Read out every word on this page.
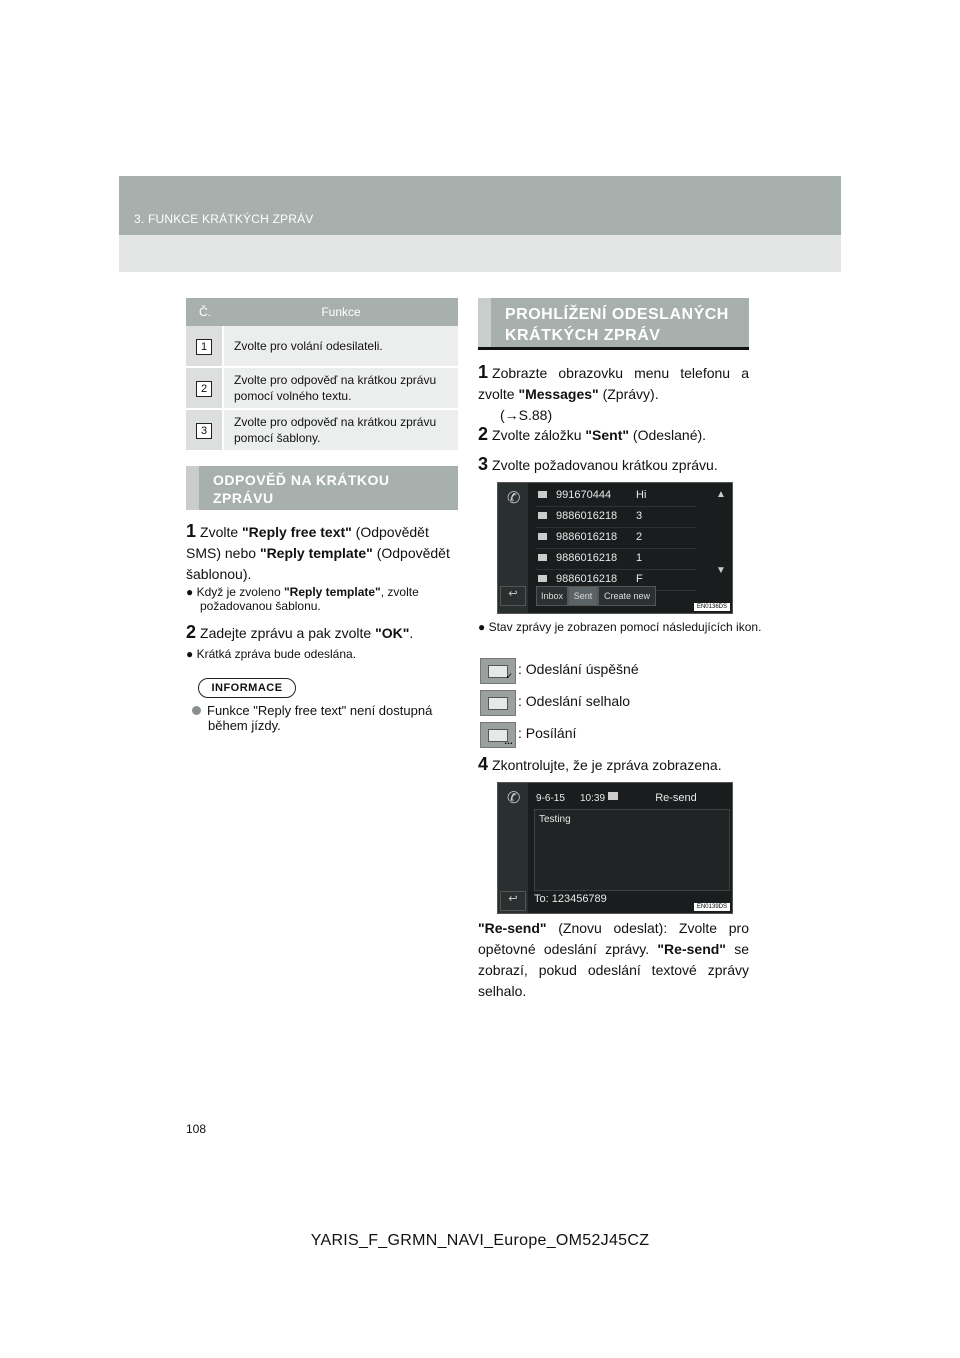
3. FUNKCE KRÁTKÝCH ZPRÁV
Č.	Funkce
1	Zvolte pro volání odesilateli.
2	Zvolte pro odpověď na krátkou zprávu pomocí volného textu.
3	Zvolte pro odpověď na krátkou zprávu pomocí šablony.
ODPOVĚĎ NA KRÁTKOU ZPRÁVU
1 Zvolte "Reply free text" (Odpovědět SMS) nebo "Reply template" (Odpovědět šablonou).
● Když je zvoleno "Reply template", zvolte požadovanou šablonu.
2 Zadejte zprávu a pak zvolte "OK".
● Krátká zpráva bude odeslána.
INFORMACE
Funkce "Reply free text" není dostupná během jízdy.
PROHLÍŽENÍ ODESLANÝCH KRÁTKÝCH ZPRÁV
1 Zobrazte obrazovku menu telefonu a zvolte "Messages" (Zprávy).
(→S.88)
2 Zvolte záložku "Sent" (Odeslané).
3 Zvolte požadovanou krátkou zprávu.
✆	991670444 Hi
9886016218 3
9886016218 2
9886016218 1
9886016218 F
▲
▼
↩	Inbox	Sent	Create new
EN0136DS
● Stav zprávy je zobrazen pomocí následujících ikon.
✓ : Odeslání úspěšné
: Odeslání selhalo
… : Posílání
4 Zkontrolujte, že je zpráva zobrazena.
✆ 9-6-15 10:39	Re-send
Testing
↩	To: 123456789
EN0139DS
"Re-send" (Znovu odeslat): Zvolte pro opětovné odeslání zprávy. "Re-send" se zobrazí, pokud odeslání textové zprávy selhalo.
108
YARIS_F_GRMN_NAVI_Europe_OM52J45CZ
